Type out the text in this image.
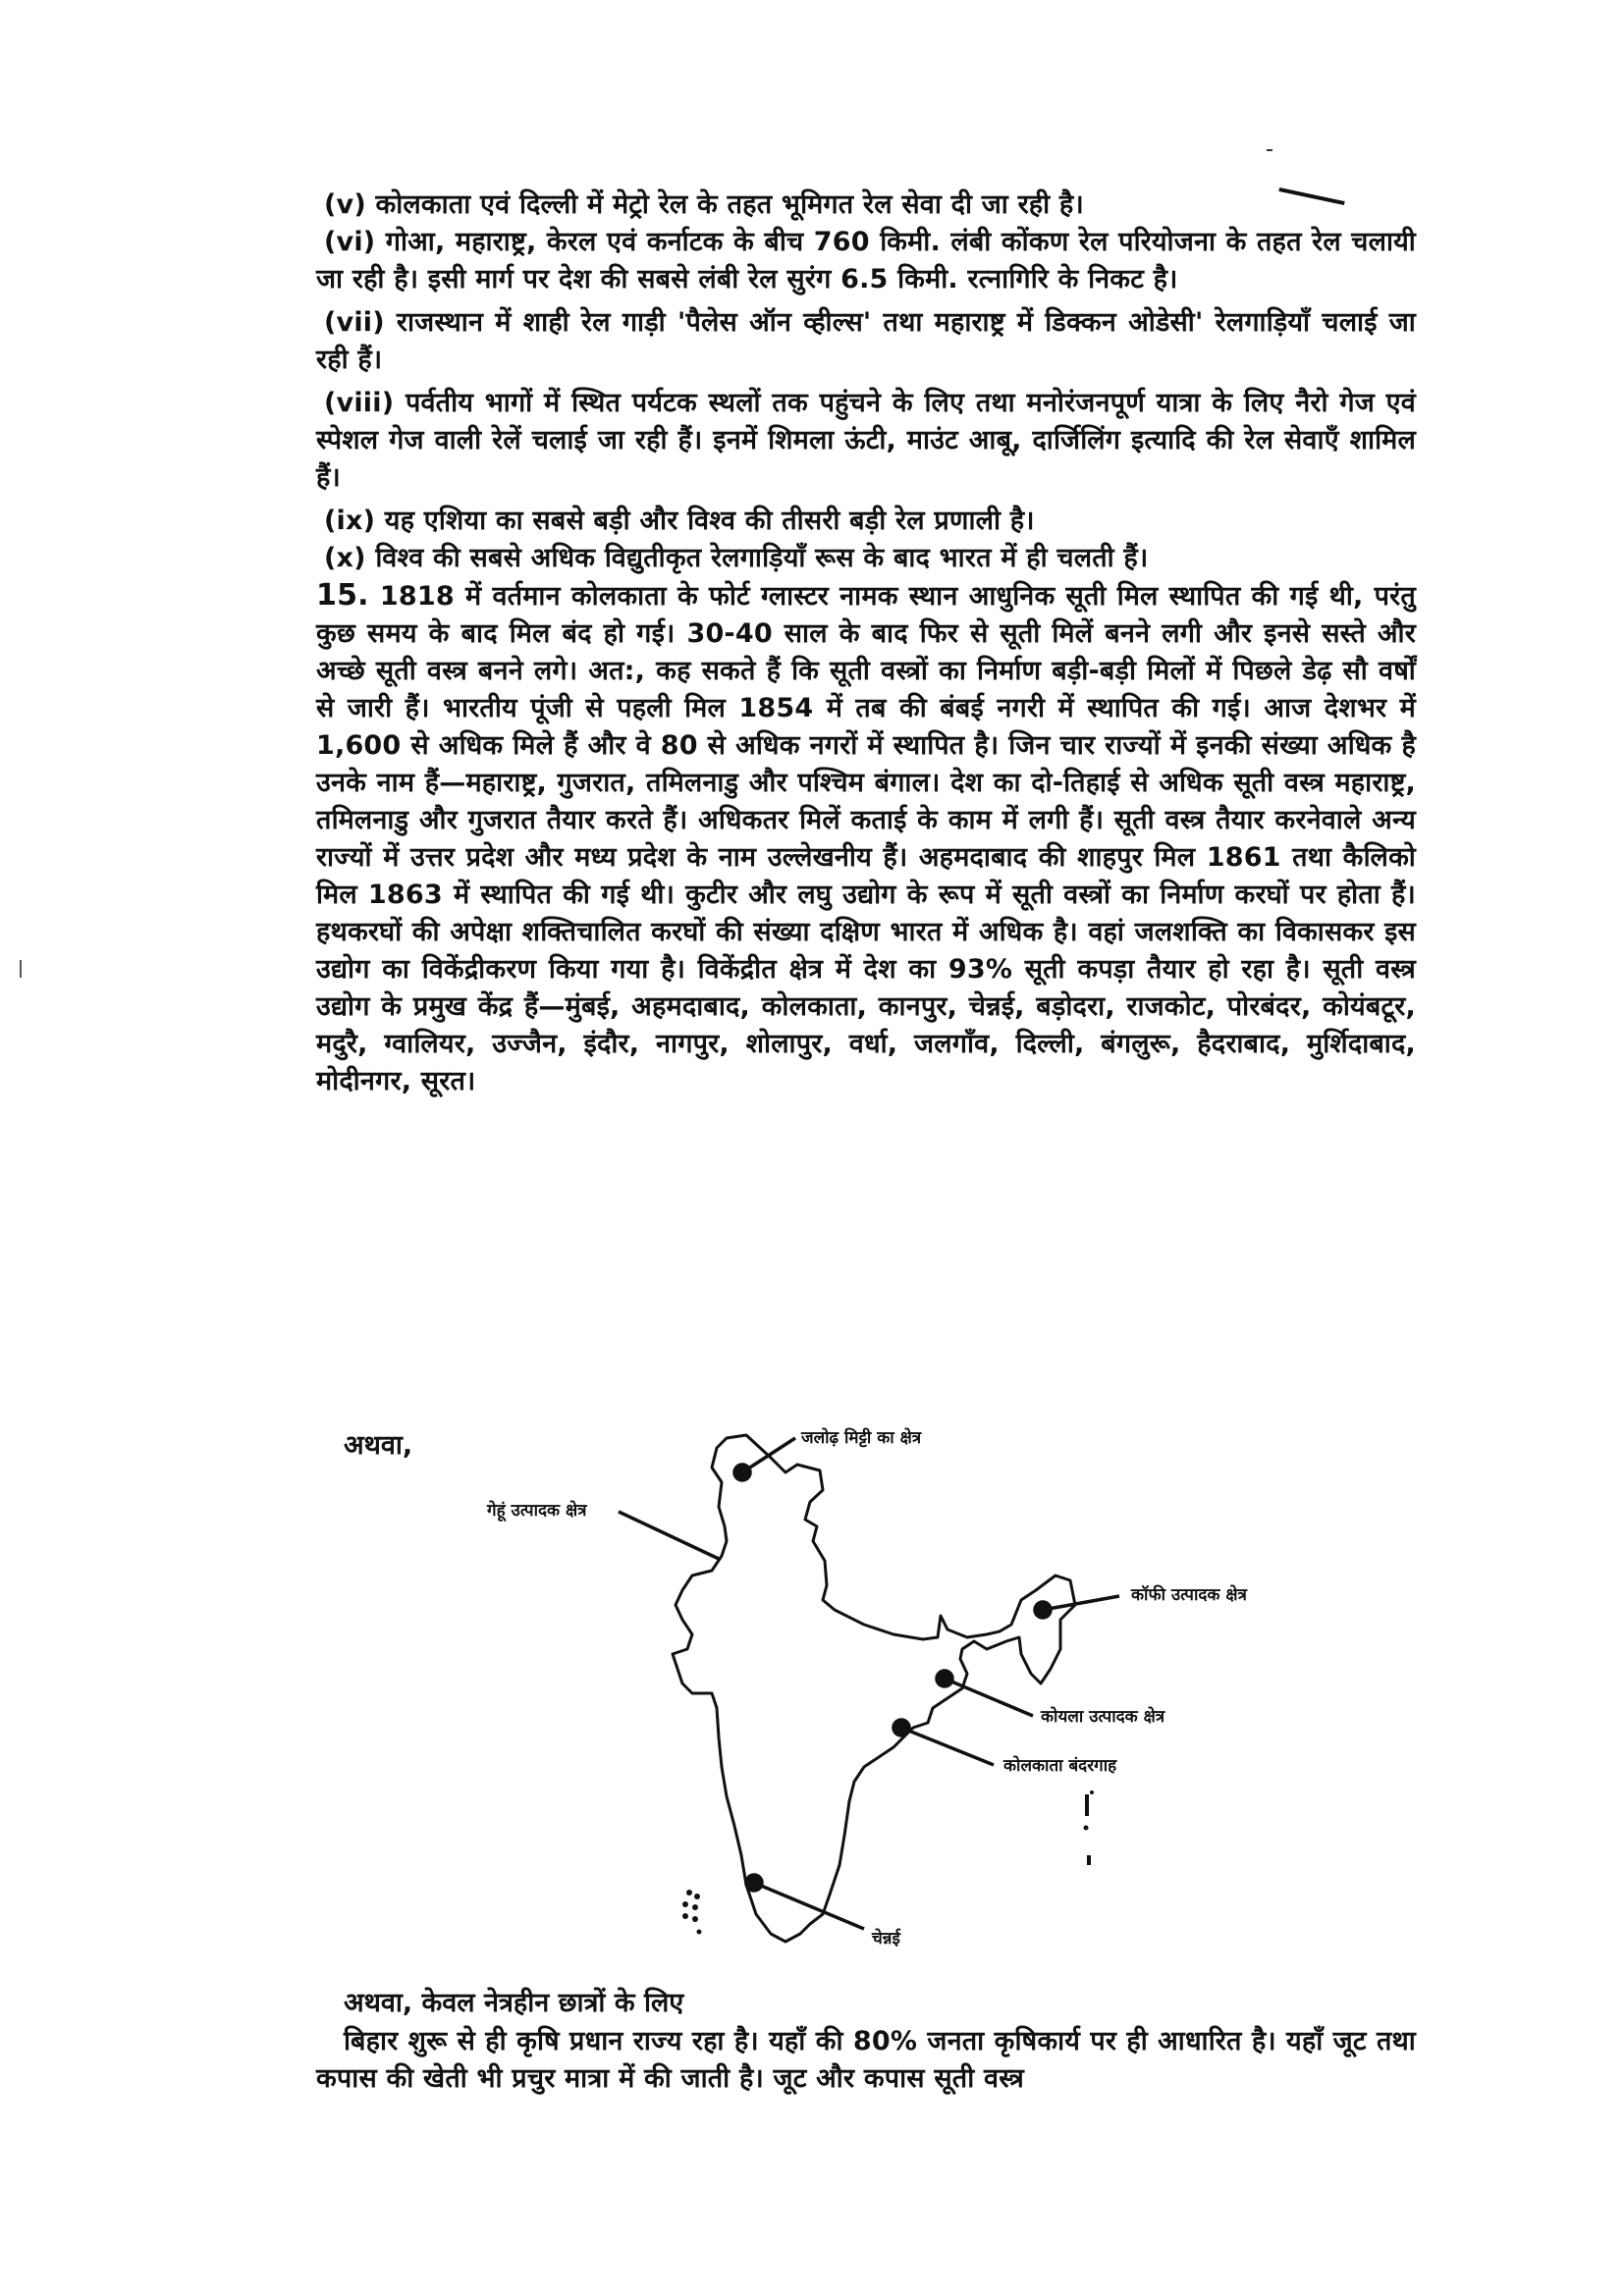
(v) कोलकाता एवं दिल्ली में मेट्रो रेल के तहत भूमिगत रेल सेवा दी जा रही है।

(vi) गोआ, महाराष्ट्र, केरल एवं कर्नाटक के बीच 760 किमी. लंबी कोंकण रेल परियोजना के तहत रेल चलायी जा रही है। इसी मार्ग पर देश की सबसे लंबी रेल सुरंग 6.5 किमी. रत्नागिरि के निकट है।

(vii) राजस्थान में शाही रेल गाड़ी 'पैलेस ऑन व्हील्स' तथा महाराष्ट्र में डिक्कन ओडेसी' रेलगाड़ियाँ चलाई जा रही हैं।

(viii) पर्वतीय भागों में स्थित पर्यटक स्थलों तक पहुंचने के लिए तथा मनोरंजनपूर्ण यात्रा के लिए नैरो गेज एवं स्पेशल गेज वाली रेलें चलाई जा रही हैं। इनमें शिमला ऊंटी, माउंट आबू, दार्जिलिंग इत्यादि की रेल सेवाएँ शामिल हैं।

(ix) यह एशिया का सबसे बड़ी और विश्व की तीसरी बड़ी रेल प्रणाली है।

(x) विश्व की सबसे अधिक विद्युतीकृत रेलगाड़ियाँ रूस के बाद भारत में ही चलती हैं।

15. 1818 में वर्तमान कोलकाता के फोर्ट ग्लास्टर नामक स्थान आधुनिक सूती मिल स्थापित की गई थी, परंतु कुछ समय के बाद मिल बंद हो गई। 30-40 साल के बाद फिर से सूती मिलें बनने लगी और इनसे सस्ते और अच्छे सूती वस्त्र बनने लगे। अत:, कह सकते हैं कि सूती वस्त्रों का निर्माण बड़ी-बड़ी मिलों में पिछले डेढ़ सौ वर्षों से जारी हैं। भारतीय पूंजी से पहली मिल 1854 में तब की बंबई नगरी में स्थापित की गई। आज देशभर में 1,600 से अधिक मिले हैं और वे 80 से अधिक नगरों में स्थापित है। जिन चार राज्यों में इनकी संख्या अधिक है उनके नाम हैं—महाराष्ट्र, गुजरात, तमिलनाडु और पश्चिम बंगाल। देश का दो-तिहाई से अधिक सूती वस्त्र महाराष्ट्र, तमिलनाडु और गुजरात तैयार करते हैं। अधिकतर मिलें कताई के काम में लगी हैं। सूती वस्त्र तैयार करनेवाले अन्य राज्यों में उत्तर प्रदेश और मध्य प्रदेश के नाम उल्लेखनीय हैं। अहमदाबाद की शाहपुर मिल 1861 तथा कैलिको मिल 1863 में स्थापित की गई थी। कुटीर और लघु उद्योग के रूप में सूती वस्त्रों का निर्माण करघों पर होता हैं। हथकरघों की अपेक्षा शक्तिचालित करघों की संख्या दक्षिण भारत में अधिक है। वहां जलशक्ति का विकासकर इस उद्योग का विकेंद्रीकरण किया गया है। विकेंद्रीत क्षेत्र में देश का 93% सूती कपड़ा तैयार हो रहा है। सूती वस्त्र उद्योग के प्रमुख केंद्र हैं—मुंबई, अहमदाबाद, कोलकाता, कानपुर, चेन्नई, बड़ोदरा, राजकोट, पोरबंदर, कोयंबटूर, मदुरै, ग्वालियर, उज्जैन, इंदौर, नागपुर, शोलापुर, वर्धा, जलगाँव, दिल्ली, बंगलुरू, हैदराबाद, मुर्शिदाबाद, मोदीनगर, सूरत।

अथवा,	जलोढ़ मिट्टी का क्षेत्र
गेहूं उत्पादक क्षेत्र
कॉफी उत्पादक क्षेत्र
कोयला उत्पादक क्षेत्र
कोलकाता बंदरगाह
चेन्नई

अथवा, केवल नेत्रहीन छात्रों के लिए

बिहार शुरू से ही कृषि प्रधान राज्य रहा है। यहाँ की 80% जनता कृषिकार्य पर ही आधारित है। यहाँ जूट तथा कपास की खेती भी प्रचुर मात्रा में की जाती है। जूट और कपास सूती वस्त्र
